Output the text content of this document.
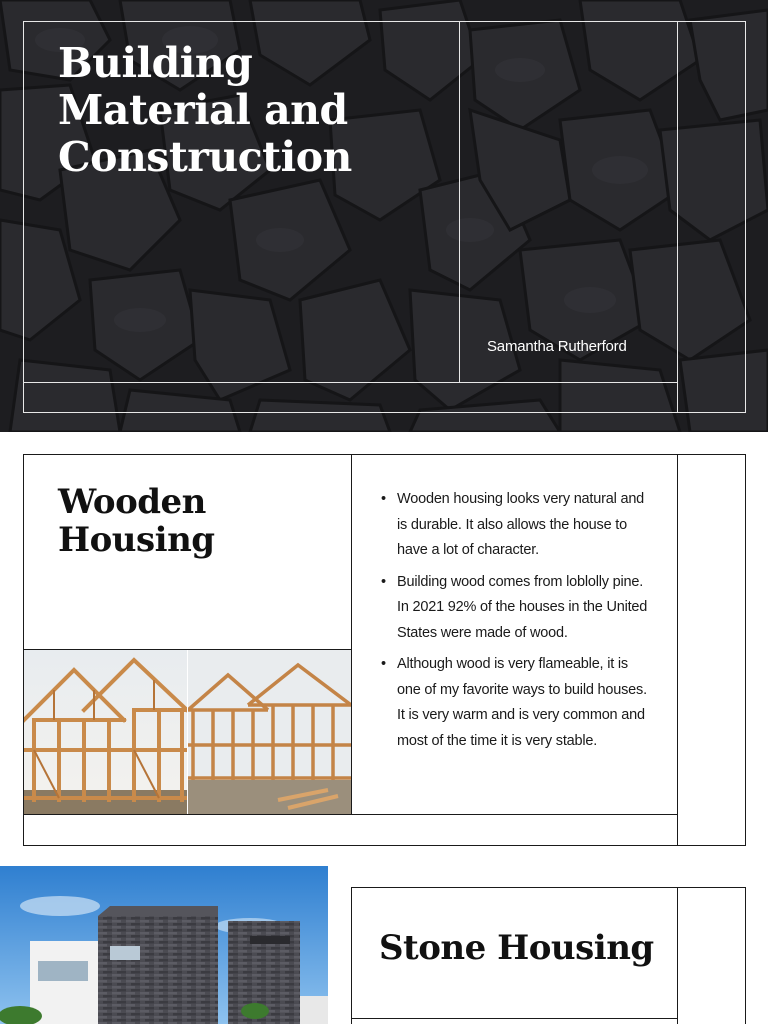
Building
Material and
Construction
Samantha Rutherford
Wooden
Housing
• Wooden housing looks very natural and is durable. It also allows the house to have a lot of character.
• Building wood comes from loblolly pine. In 2021 92% of the houses in the United States were made of wood.
• Although wood is very flameable, it is one of my favorite ways to build houses. It is very warm and is very common and most of the time it is very stable.
Stone Housing
